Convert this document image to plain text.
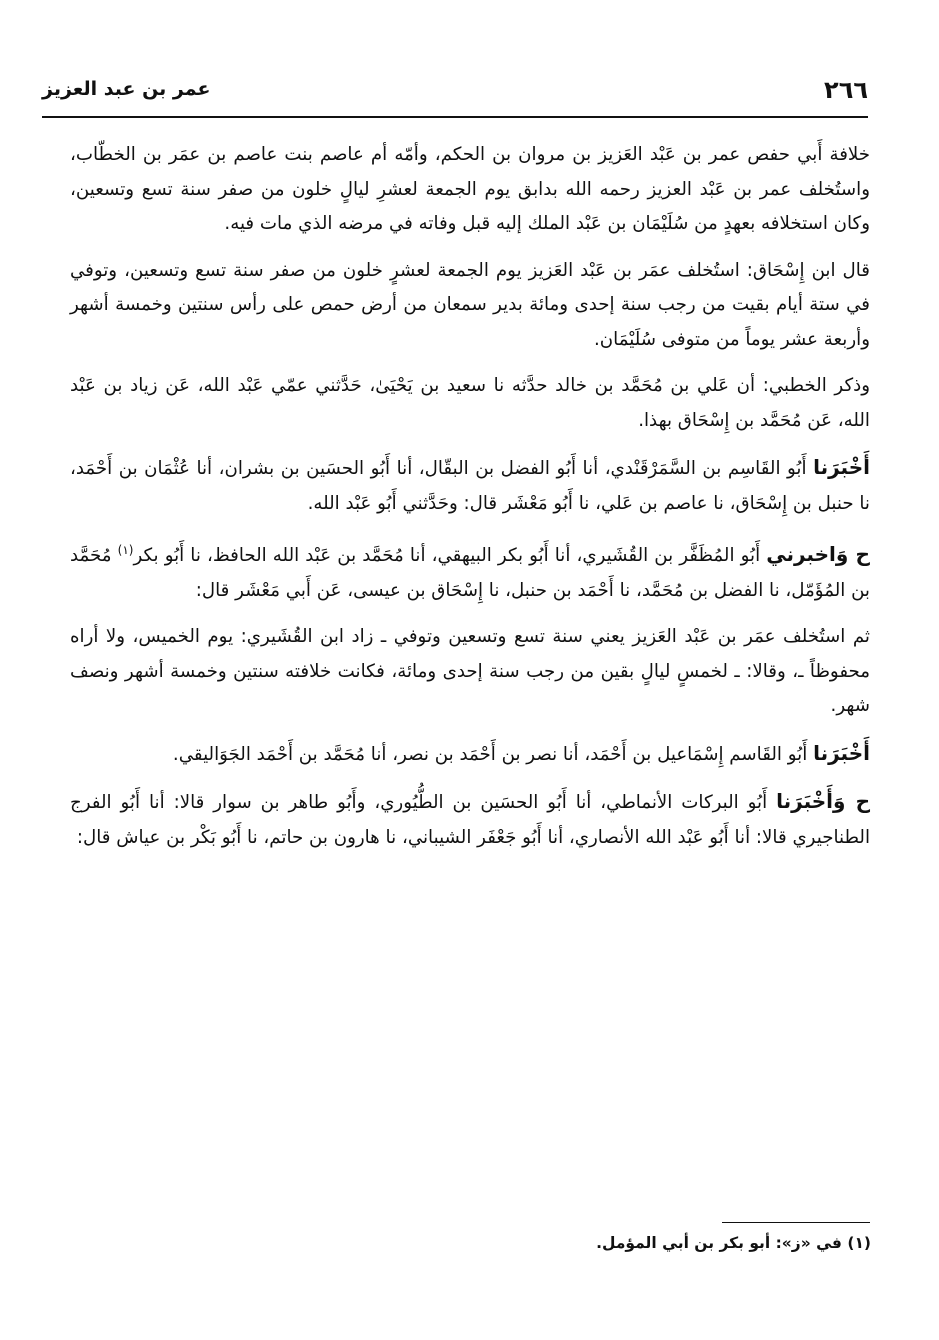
٢٦٦
عمر بن عبد العزيز

خلافة أَبي حفص عمر بن عَبْد العَزيز بن مروان بن الحكم، وأمّه أم عاصم بنت عاصم بن عمَر بن الخطّاب، واستُخلف عمر بن عَبْد العزيز رحمه الله بدابق يوم الجمعة لعشرِ ليالٍ خلون من صفر سنة تسع وتسعين، وكان استخلافه بعهدٍ من سُلَيْمَان بن عَبْد الملك إليه قبل وفاته في مرضه الذي مات فيه.

قال ابن إِسْحَاق: استُخلف عمَر بن عَبْد العَزيز يوم الجمعة لعشرٍ خلون من صفر سنة تسع وتسعين، وتوفي في ستة أيام بقيت من رجب سنة إحدى ومائة بدير سمعان من أرض حمص على رأس سنتين وخمسة أشهر وأربعة عشر يوماً من متوفى سُلَيْمَان.

وذكر الخطبي: أن عَلي بن مُحَمَّد بن خالد حدَّثه نا سعيد بن يَحْيَىٰ، حَدَّثني عمّي عَبْد الله، عَن زياد بن عَبْد الله، عَن مُحَمَّد بن إِسْحَاق بهذا.

أَخْبَرَنا أَبُو القَاسِم بن السَّمَرْقَنْدي، أنا أَبُو الفضل بن البقّال، أنا أَبُو الحسَين بن بشران، أنا عُثْمَان بن أَحْمَد، نا حنبل بن إِسْحَاق، نا عاصم بن عَلي، نا أَبُو مَعْشَر قال: وحَدَّثني أَبُو عَبْد الله.

ح وَاخبرني أَبُو المُظَفَّر بن القُشَيري، أنا أَبُو بكر البيهقي، أنا مُحَمَّد بن عَبْد الله الحافظ، نا أَبُو بكر$^{(١)}$ مُحَمَّد بن المُؤَمّل، نا الفضل بن مُحَمَّد، نا أَحْمَد بن حنبل، نا إِسْحَاق بن عيسى، عَن أَبي مَعْشَر قال:

ثم استُخلف عمَر بن عَبْد العَزيز يعني سنة تسع وتسعين وتوفي ـ زاد ابن القُشَيري: يوم الخميس، ولا أراه محفوظاً ـ، وقالا: ـ لخمسٍ ليالٍ بقين من رجب سنة إحدى ومائة، فكانت خلافته سنتين وخمسة أشهر ونصف شهر.

أَخْبَرَنا أَبُو القَاسم إِسْمَاعيل بن أَحْمَد، أنا نصر بن أَحْمَد بن نصر، أنا مُحَمَّد بن أَحْمَد الجَوَاليقي.

ح وَأَخْبَرَنا أَبُو البركات الأنماطي، أنا أَبُو الحسَين بن الطُّيُوري، وأَبُو طاهر بن سوار قالا: أنا أَبُو الفرج الطناجيري قالا: أنا أَبُو عَبْد الله الأنصاري، أنا أَبُو جَعْفَر الشيباني، نا هارون بن حاتم، نا أَبُو بَكْر بن عياش قال:

(١) في «ز»: أبو بكر بن أبي المؤمل.
